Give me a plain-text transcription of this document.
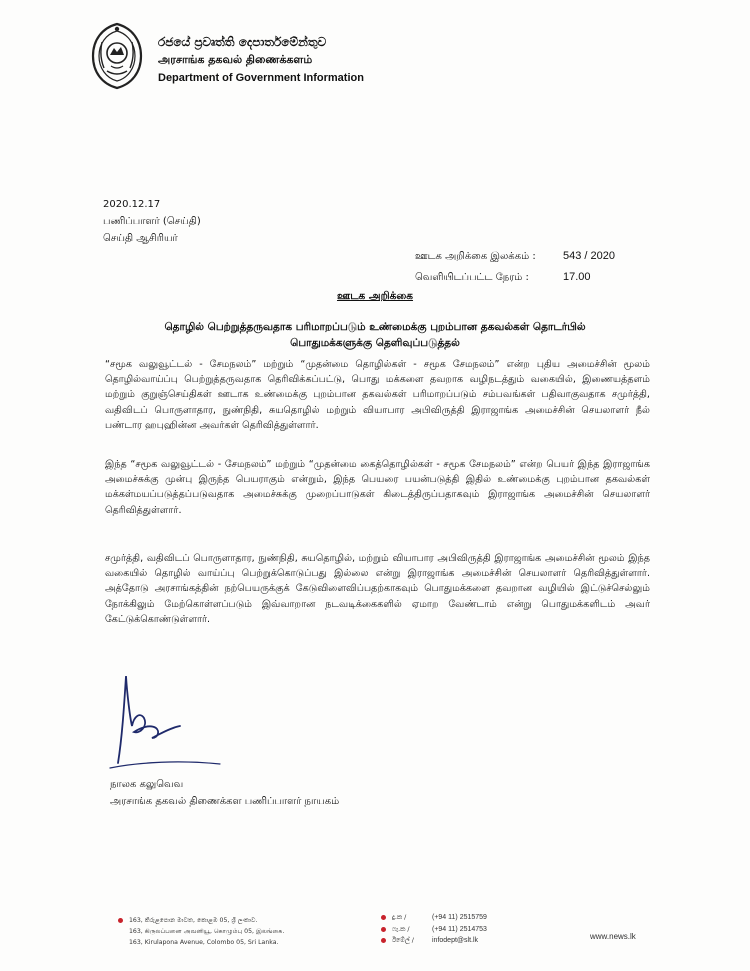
රජයේ ප්‍රවෘත්ති දෙපාර්තමේන්තුව
அரசாங்க தகவல் திணைக்களம்
Department of Government Information
2020.12.17
பணிப்பாளர் (செய்தி)
செய்தி ஆசிரியர்
ஊடக அறிக்கை இலக்கம் :	543 / 2020
வெளியிடப்பட்ட நேரம் :	17.00
ஊடக அறிக்கை
தொழில் பெற்றுத்தருவதாக பரிமாறப்படும் உண்மைக்கு புறம்பான தகவல்கள் தொடர்பில்
பொதுமக்களுக்கு தெளிவுப்படுத்தல்
“சமூக வலுவூட்டல் - சேமநலம்” மற்றும் “முதன்மை தொழில்கள் - சமூக சேமநலம்” என்ற புதிய அமைச்சின் மூலம் தொழில்வாய்ப்பு பெற்றுத்தருவதாக தெரிவிக்கப்பட்டு, பொது மக்களை தவறாக வழிநடத்தும் வகையில், இணையத்தளம் மற்றும் குறுஞ்செய்திகள் ஊடாக உண்மைக்கு புறம்பான தகவல்கள் பரிமாறப்படும் சம்பவங்கள் பதிவாகுவதாக சமுர்த்தி, வதிவிடப் பொருளாதார, நுண்நிதி, சுயதொழில் மற்றும் வியாபார அபிவிருத்தி இராஜாங்க அமைச்சின் செயலாளர் நீல் பண்டார ஹபுஹின்ன அவர்கள் தெரிவித்துள்ளார்.
இந்த “சமூக வலுவூட்டல் - சேமநலம்” மற்றும் “முதன்மை கைத்தொழில்கள் - சமூக சேமநலம்” என்ற பெயர் இந்த இராஜாங்க அமைச்சுக்கு முன்பு இருந்த பெயராகும் என்றும், இந்த பெயரை பயன்படுத்தி இதில் உண்மைக்கு புறம்பான தகவல்கள் மக்கள்மயப்படுத்தப்படுவதாக அமைச்சுக்கு முறைப்பாடுகள் கிடைத்திருப்பதாகவும் இராஜாங்க அமைச்சின் செயலாளர் தெரிவித்துள்ளார்.
சமுர்த்தி, வதிவிடப் பொருளாதார, நுண்நிதி, சுயதொழில், மற்றும் வியாபார அபிவிருத்தி இராஜாங்க அமைச்சின் மூலம் இந்த வகையில் தொழில் வாய்ப்பு பெற்றுக்கொடுப்பது இல்லை என்று இராஜாங்க அமைச்சின் செயலாளர் தெரிவித்துள்ளார். அத்தோடு அரசாங்கத்தின் நற்பெயருக்குக் கேடுவிளைவிப்பதற்காகவும் பொதுமக்களை தவறான வழியில் இட்டுச்செல்லும் நோக்கிலும் மேற்கொள்ளப்படும் இவ்வாறான நடவடிக்கைகளில் ஏமாற வேண்டாம் என்று பொதுமக்களிடம் அவர் கேட்டுக்கொண்டுள்ளார்.
நாலக கலுவெவ
அரசாங்க தகவல் திணைக்கள பணிப்பாளர் நாயகம்
163, කිරුළපොන මාවත, කොළඹ 05, ශ්‍රී ලංකාව.
163, கிருலப்பனை அவனியூ, கொழும்பு 05, இலங்கை.
163, Kirulapona Avenue, Colombo 05, Sri Lanka.
දු.ක /	(+94 11) 2515759
ෆැ.ක /	(+94 11) 2514753
ඊමේල් /	infodept@slt.lk	www.news.lk
